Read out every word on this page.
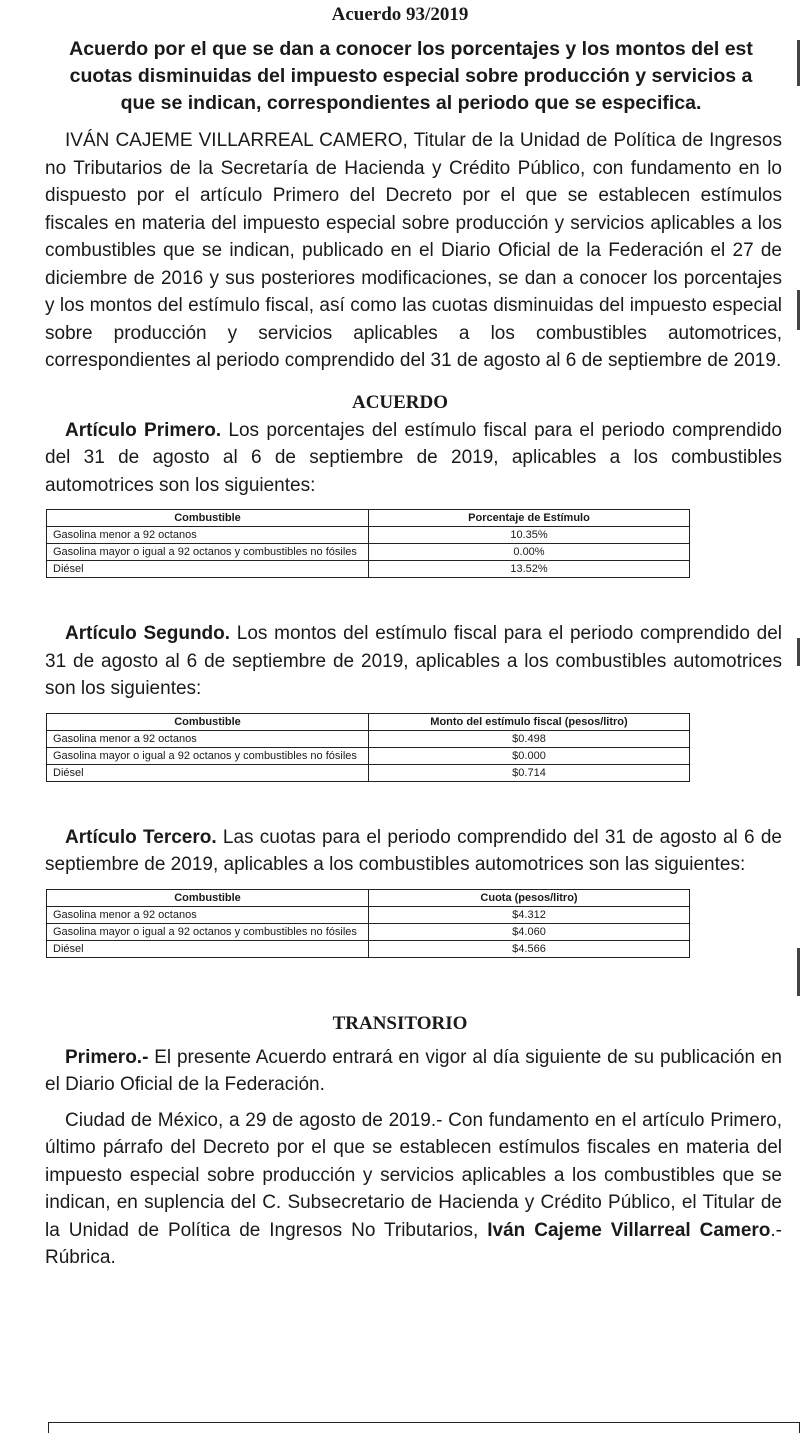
Acuerdo 93/2019
Acuerdo por el que se dan a conocer los porcentajes y los montos del est
cuotas disminuidas del impuesto especial sobre producción y servicios a
que se indican, correspondientes al periodo que se especifica.

IVÁN CAJEME VILLARREAL CAMERO, Titular de la Unidad de Política de Ingresos no Tributarios de la Secretaría de Hacienda y Crédito Público, con fundamento en lo dispuesto por el artículo Primero del Decreto por el que se establecen estímulos fiscales en materia del impuesto especial sobre producción y servicios aplicables a los combustibles que se indican, publicado en el Diario Oficial de la Federación el 27 de diciembre de 2016 y sus posteriores modificaciones, se dan a conocer los porcentajes y los montos del estímulo fiscal, así como las cuotas disminuidas del impuesto especial sobre producción y servicios aplicables a los combustibles automotrices, correspondientes al periodo comprendido del 31 de agosto al 6 de septiembre de 2019.

ACUERDO

Artículo Primero. Los porcentajes del estímulo fiscal para el periodo comprendido del 31 de agosto al 6 de septiembre de 2019, aplicables a los combustibles automotrices son los siguientes:

Combustible	Porcentaje de Estímulo
Gasolina menor a 92 octanos	10.35%
Gasolina mayor o igual a 92 octanos y combustibles no fósiles	0.00%
Diésel	13.52%

Artículo Segundo. Los montos del estímulo fiscal para el periodo comprendido del 31 de agosto al 6 de septiembre de 2019, aplicables a los combustibles automotrices son los siguientes:

Combustible	Monto del estímulo fiscal (pesos/litro)
Gasolina menor a 92 octanos	$0.498
Gasolina mayor o igual a 92 octanos y combustibles no fósiles	$0.000
Diésel	$0.714

Artículo Tercero. Las cuotas para el periodo comprendido del 31 de agosto al 6 de septiembre de 2019, aplicables a los combustibles automotrices son las siguientes:

Combustible	Cuota (pesos/litro)
Gasolina menor a 92 octanos	$4.312
Gasolina mayor o igual a 92 octanos y combustibles no fósiles	$4.060
Diésel	$4.566
TRANSITORIO

Primero.- El presente Acuerdo entrará en vigor al día siguiente de su publicación en el Diario Oficial de la Federación.

Ciudad de México, a 29 de agosto de 2019.- Con fundamento en el artículo Primero, último párrafo del Decreto por el que se establecen estímulos fiscales en materia del impuesto especial sobre producción y servicios aplicables a los combustibles que se indican, en suplencia del C. Subsecretario de Hacienda y Crédito Público, el Titular de la Unidad de Política de Ingresos No Tributarios, Iván Cajeme Villarreal Camero.- Rúbrica.
